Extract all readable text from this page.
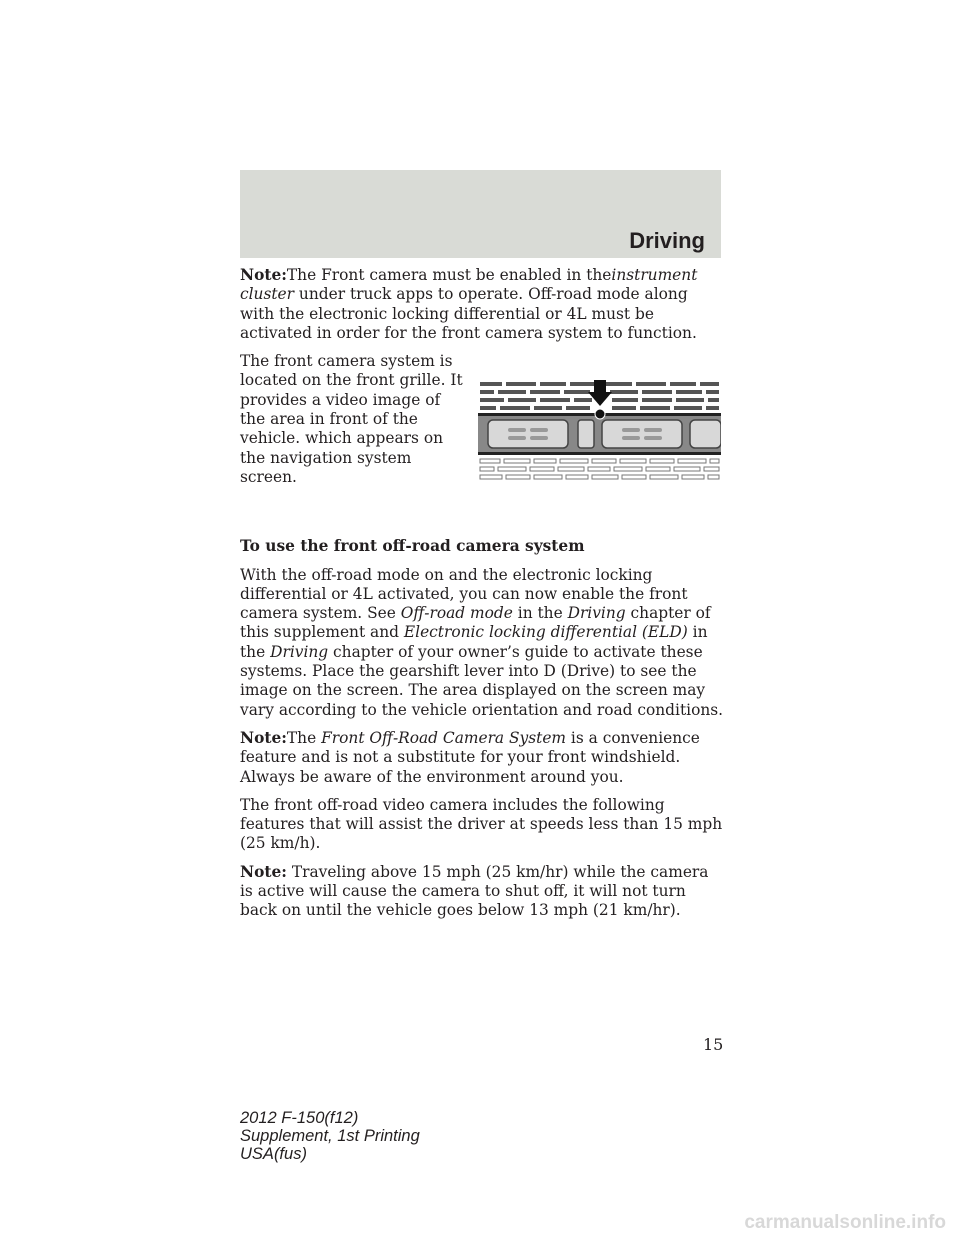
Driving

Note:The Front camera must be enabled in theinstrument cluster under truck apps to operate. Off-road mode along with the electronic locking differential or 4L must be activated in order for the front camera system to function.

The front camera system is located on the front grille. It provides a video image of the area in front of the vehicle. which appears on the navigation system screen.

To use the front off-road camera system

With the off-road mode on and the electronic locking differential or 4L activated, you can now enable the front camera system. See Off-road mode in the Driving chapter of this supplement and Electronic locking differential (ELD) in the Driving chapter of your owner’s guide to activate these systems. Place the gearshift lever into D (Drive) to see the image on the screen. The area displayed on the screen may vary according to the vehicle orientation and road conditions.

Note:The Front Off-Road Camera System is a convenience feature and is not a substitute for your front windshield. Always be aware of the environment around you.

The front off-road video camera includes the following features that will assist the driver at speeds less than 15 mph (25 km/h).

Note: Traveling above 15 mph (25 km/hr) while the camera is active will cause the camera to shut off, it will not turn back on until the vehicle goes below 13 mph (21 km/hr).

15
2012 F-150(f12)
Supplement, 1st Printing
USA(fus)
carmanualsonline.info
